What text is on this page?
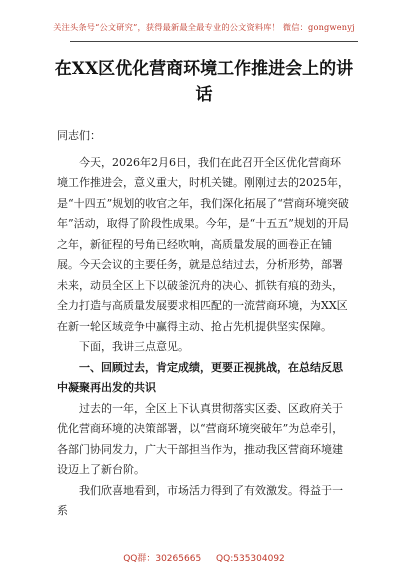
关注头条号“公文研究”，获得最新最全最专业的公文资料库！ 微信：gongwenyj
在XX区优化营商环境工作推进会上的讲话

同志们：

今天，2026年2月6日，我们在此召开全区优化营商环境工作推进会，意义重大，时机关键。刚刚过去的2025年，是“十四五”规划的收官之年，我们深化拓展了“营商环境突破年”活动，取得了阶段性成果。今年，是“十五五”规划的开局之年，新征程的号角已经吹响，高质量发展的画卷正在铺展。今天会议的主要任务，就是总结过去，分析形势，部署未来，动员全区上下以破釜沉舟的决心、抓铁有痕的劲头，全力打造与高质量发展要求相匹配的一流营商环境，为XX区在新一轮区域竞争中赢得主动、抢占先机提供坚实保障。

下面，我讲三点意见。

一、回顾过去，肯定成绩，更要正视挑战，在总结反思中凝聚再出发的共识

过去的一年，全区上下认真贯彻落实区委、区政府关于优化营商环境的决策部署，以“营商环境突破年”为总牵引，各部门协同发力，广大干部担当作为，推动我区营商环境建设迈上了新台阶。

我们欣喜地看到，市场活力得到了有效激发。得益于一系

QQ群：30265665 QQ:535304092
